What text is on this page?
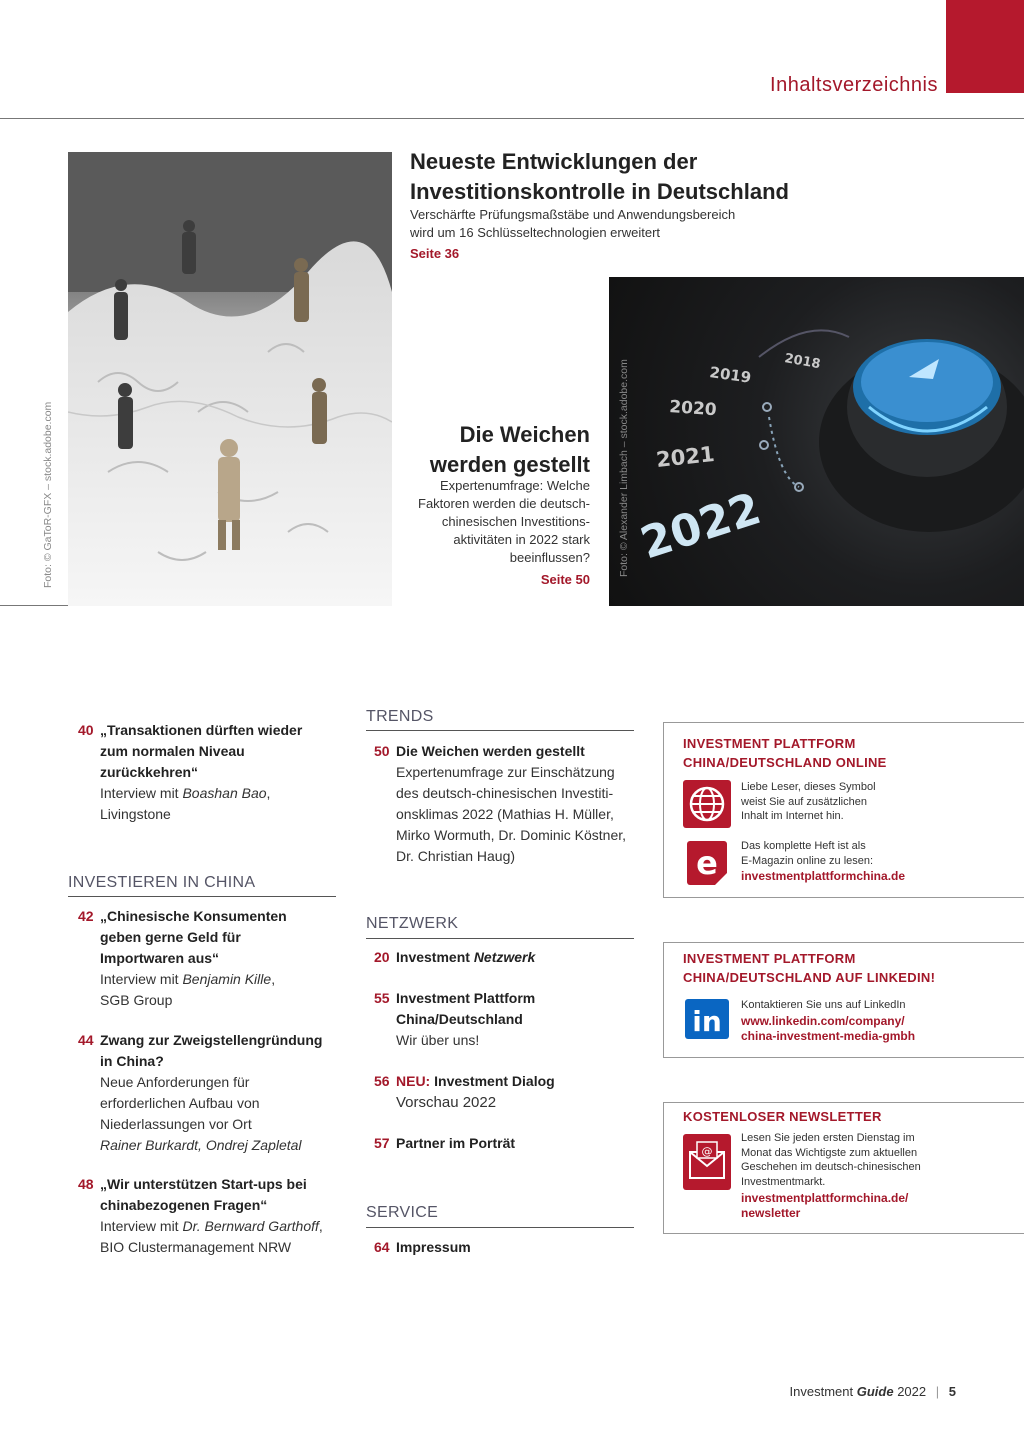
Inhaltsverzeichnis
Foto: © GaToR-GFX – stock.adobe.com
Neueste Entwicklungen der Investitionskontrolle in Deutschland
Verschärfte Prüfungsmaßstäbe und Anwendungsbereich
wird um 16 Schlüsseltechnologien erweitert
Seite 36
2018
2019
2020
2021
2022
Foto: © Alexander Limbach – stock.adobe.com
Die Weichen
werden gestellt
Expertenumfrage: Welche
Faktoren werden die deutsch-
chinesischen Investitions-
aktivitäten in 2022 stark
beeinflussen?
Seite 50
40 „Transaktionen dürften wieder
zum normalen Niveau
zurückkehren“
Interview mit Boashan Bao,
Livingstone
INVESTIEREN IN CHINA
42 „Chinesische Konsumenten
geben gerne Geld für
Importwaren aus“
Interview mit Benjamin Kille,
SGB Group
44 Zwang zur Zweigstellengründung
in China?
Neue Anforderungen für
erforderlichen Aufbau von
Niederlassungen vor Ort
Rainer Burkardt, Ondrej Zapletal
48 „Wir unterstützen Start-ups bei
chinabezogenen Fragen“
Interview mit Dr. Bernward Garthoff,
BIO Clustermanagement NRW
TRENDS
50 Die Weichen werden gestellt
Expertenumfrage zur Einschätzung
des deutsch-chinesischen Investiti-
onsklimas 2022 (Mathias H. Müller,
Mirko Wormuth, Dr. Dominic Köstner,
Dr. Christian Haug)
NETZWERK
20 Investment Netzwerk
55 Investment Plattform
China/Deutschland
Wir über uns!
56 NEU: Investment Dialog
Vorschau 2022
57 Partner im Porträt
SERVICE
64 Impressum
INVESTMENT PLATTFORM
CHINA/DEUTSCHLAND ONLINE
Liebe Leser, dieses Symbol
weist Sie auf zusätzlichen
Inhalt im Internet hin.
e Das komplette Heft ist als
E-Magazin online zu lesen:
investmentplattformchina.de
INVESTMENT PLATTFORM
CHINA/DEUTSCHLAND AUF LINKEDIN!
in Kontaktieren Sie uns auf LinkedIn
www.linkedin.com/company/
china-investment-media-gmbh
KOSTENLOSER NEWSLETTER
@
Lesen Sie jeden ersten Dienstag im
Monat das Wichtigste zum aktuellen
Geschehen im deutsch-chinesischen
Investmentmarkt.
investmentplattformchina.de/
newsletter
Investment Guide 2022 | 5
